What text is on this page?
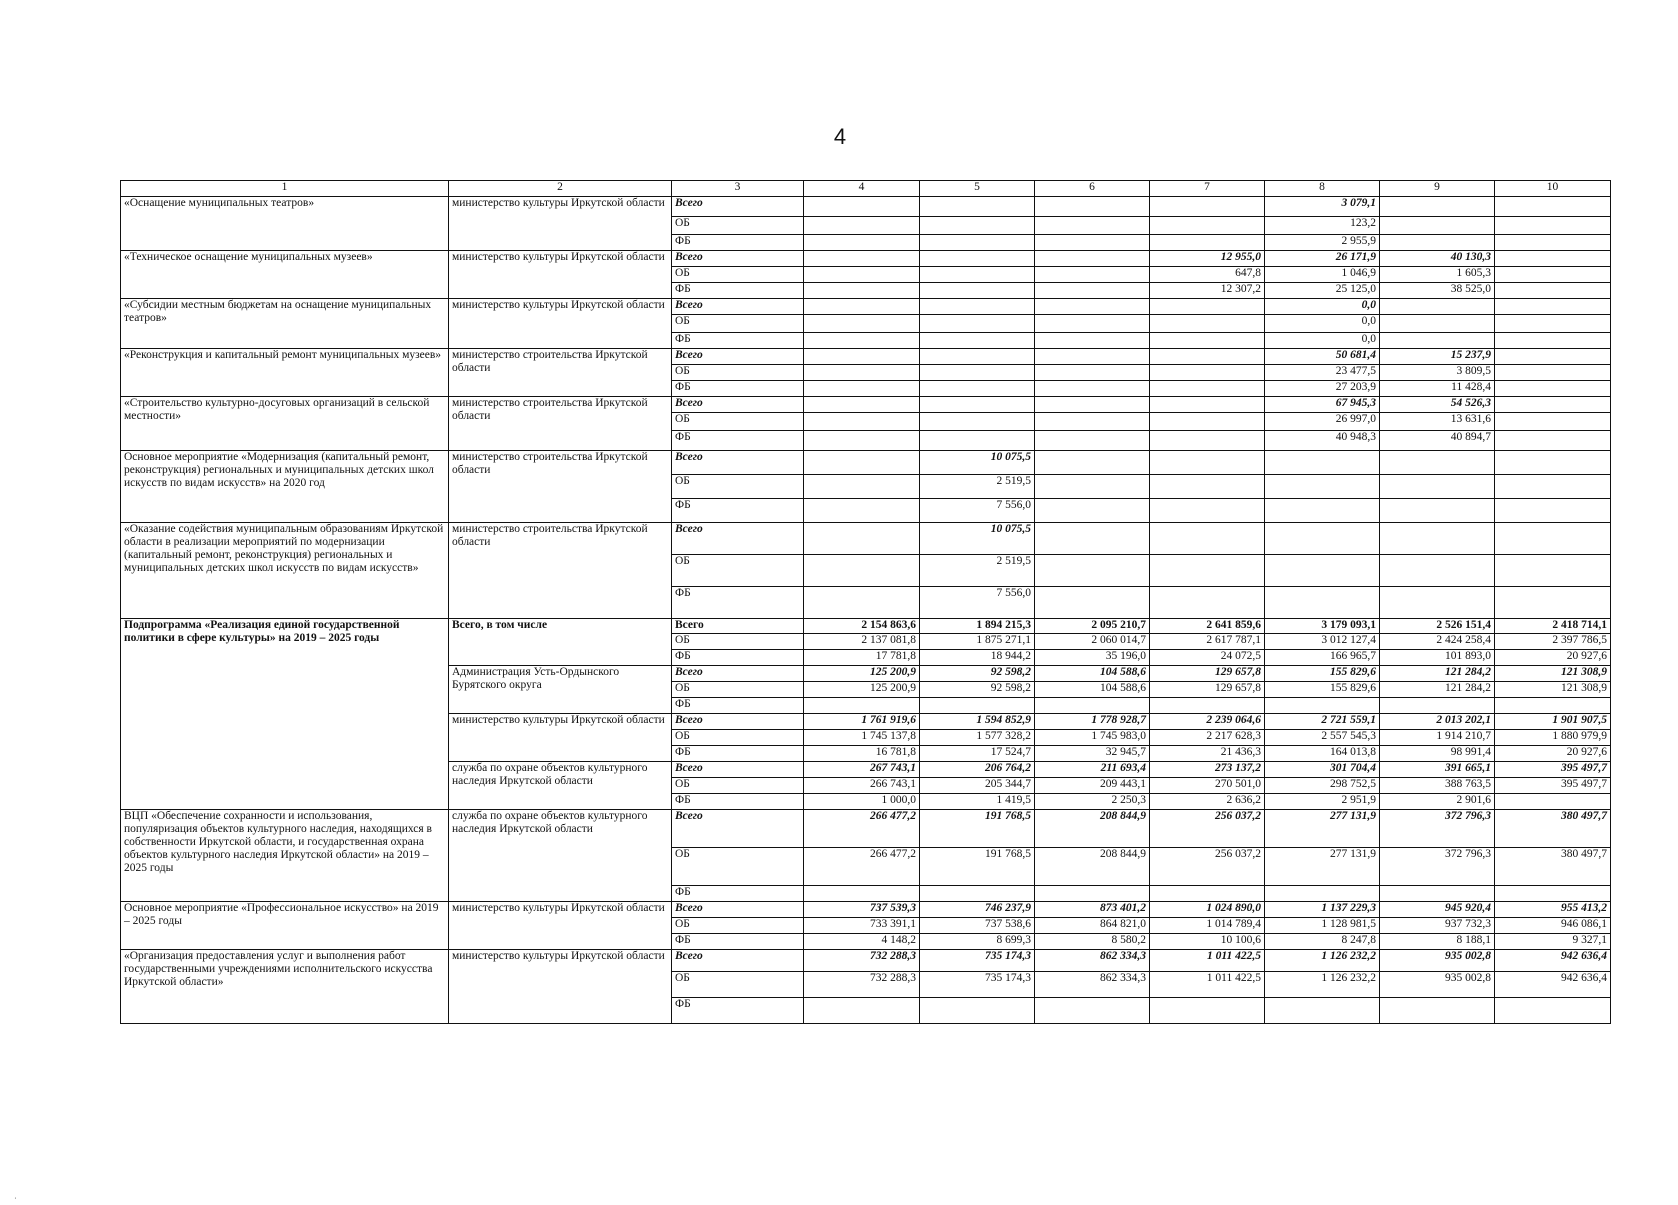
4
1	2	3	4	5	6	7	8	9	10
«Оснащение муниципальных театров»	министерство культуры Иркутской области	Всего					3 079,1		
		ОБ					123,2		
		ФБ					2 955,9		
«Техническое оснащение муниципальных музеев»	министерство культуры Иркутской области	Всего				12 955,0	26 171,9	40 130,3	
		ОБ				647,8	1 046,9	1 605,3	
		ФБ				12 307,2	25 125,0	38 525,0	
«Субсидии местным бюджетам на оснащение муниципальных театров»	министерство культуры Иркутской области	Всего					0,0		
		ОБ					0,0		
		ФБ					0,0		
«Реконструкция и капитальный ремонт муниципальных музеев»	министерство строительства Иркутской области	Всего					50 681,4	15 237,9	
		ОБ					23 477,5	3 809,5	
		ФБ					27 203,9	11 428,4	
«Строительство культурно-досуговых организаций в сельской местности»	министерство строительства Иркутской области	Всего					67 945,3	54 526,3	
		ОБ					26 997,0	13 631,6	
		ФБ					40 948,3	40 894,7	
Основное мероприятие «Модернизация (капитальный ремонт, реконструкция) региональных и муниципальных детских школ искусств по видам искусств» на 2020 год	министерство строительства Иркутской области	Всего		10 075,5					
		ОБ		2 519,5					
		ФБ		7 556,0					
«Оказание содействия муниципальным образованиям Иркутской области в реализации мероприятий по модернизации (капитальный ремонт, реконструкция) региональных и муниципальных детских школ искусств по видам искусств»	министерство строительства Иркутской области	Всего		10 075,5					
		ОБ		2 519,5					
		ФБ		7 556,0					
Подпрограмма «Реализация единой государственной политики в сфере культуры» на 2019 – 2025 годы	Всего, в том числе	Всего	2 154 863,6	1 894 215,3	2 095 210,7	2 641 859,6	3 179 093,1	2 526 151,4	2 418 714,1
		ОБ	2 137 081,8	1 875 271,1	2 060 014,7	2 617 787,1	3 012 127,4	2 424 258,4	2 397 786,5
		ФБ	17 781,8	18 944,2	35 196,0	24 072,5	166 965,7	101 893,0	20 927,6
	Администрация Усть-Ордынского Бурятского округа	Всего	125 200,9	92 598,2	104 588,6	129 657,8	155 829,6	121 284,2	121 308,9
		ОБ	125 200,9	92 598,2	104 588,6	129 657,8	155 829,6	121 284,2	121 308,9
		ФБ							
	министерство культуры Иркутской области	Всего	1 761 919,6	1 594 852,9	1 778 928,7	2 239 064,6	2 721 559,1	2 013 202,1	1 901 907,5
		ОБ	1 745 137,8	1 577 328,2	1 745 983,0	2 217 628,3	2 557 545,3	1 914 210,7	1 880 979,9
		ФБ	16 781,8	17 524,7	32 945,7	21 436,3	164 013,8	98 991,4	20 927,6
	служба по охране объектов культурного наследия Иркутской области	Всего	267 743,1	206 764,2	211 693,4	273 137,2	301 704,4	391 665,1	395 497,7
		ОБ	266 743,1	205 344,7	209 443,1	270 501,0	298 752,5	388 763,5	395 497,7
		ФБ	1 000,0	1 419,5	2 250,3	2 636,2	2 951,9	2 901,6	
ВЦП «Обеспечение сохранности и использования, популяризация объектов культурного наследия, находящихся в собственности Иркутской области, и государственная охрана объектов культурного наследия Иркутской области» на 2019 – 2025 годы	служба по охране объектов культурного наследия Иркутской области	Всего	266 477,2	191 768,5	208 844,9	256 037,2	277 131,9	372 796,3	380 497,7
		ОБ	266 477,2	191 768,5	208 844,9	256 037,2	277 131,9	372 796,3	380 497,7
		ФБ							
Основное мероприятие «Профессиональное искусство» на 2019 – 2025 годы	министерство культуры Иркутской области	Всего	737 539,3	746 237,9	873 401,2	1 024 890,0	1 137 229,3	945 920,4	955 413,2
		ОБ	733 391,1	737 538,6	864 821,0	1 014 789,4	1 128 981,5	937 732,3	946 086,1
		ФБ	4 148,2	8 699,3	8 580,2	10 100,6	8 247,8	8 188,1	9 327,1
«Организация предоставления услуг и выполнения работ государственными учреждениями исполнительского искусства Иркутской области»	министерство культуры Иркутской области	Всего	732 288,3	735 174,3	862 334,3	1 011 422,5	1 126 232,2	935 002,8	942 636,4
		ОБ	732 288,3	735 174,3	862 334,3	1 011 422,5	1 126 232,2	935 002,8	942 636,4
		ФБ							
˙
